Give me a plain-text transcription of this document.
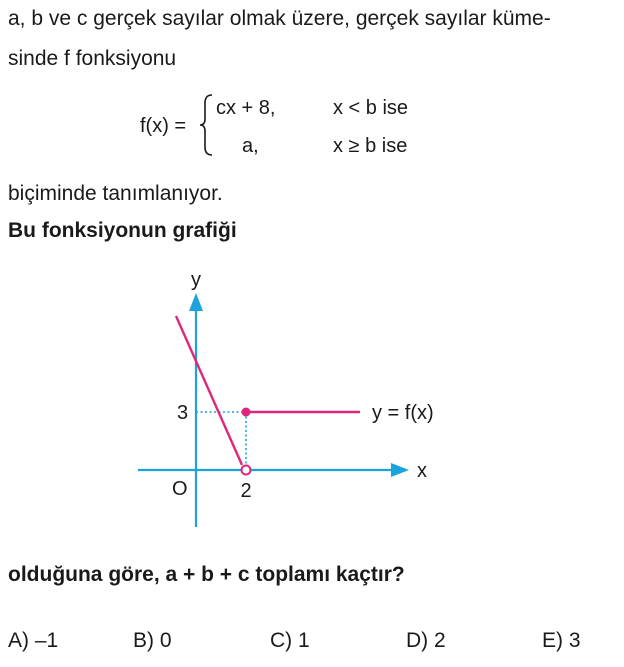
a, b ve c gerçek sayılar olmak üzere, gerçek sayılar küme-
sinde f fonksiyonu
f(x) =
cx + 8,	x < b ise
a,	x ≥ b ise
biçiminde tanımlanıyor.
Bu fonksiyonun grafiği
y
x
O
3
2
y = f(x)
olduğuna göre, a + b + c toplamı kaçtır?
A) –1	B) 0	C) 1	D) 2	E) 3
